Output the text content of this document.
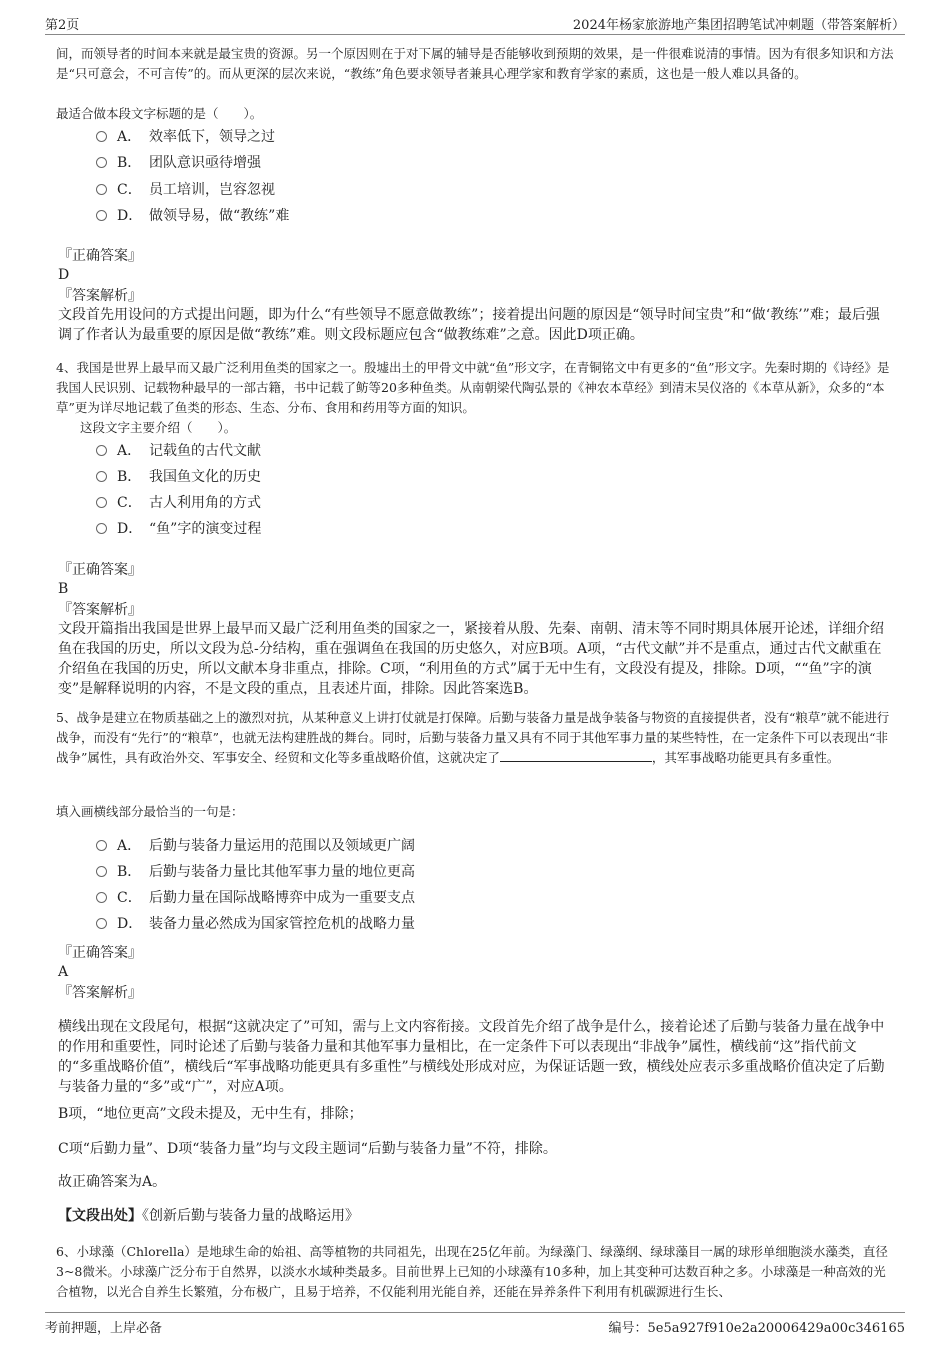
第2页	2024年杨家旅游地产集团招聘笔试冲刺题（带答案解析）

间，而领导者的时间本来就是最宝贵的资源。另一个原因则在于对下属的辅导是否能够收到预期的效果，是一件很难说清的事情。因为有很多知识和方法是“只可意会，不可言传”的。而从更深的层次来说，“教练”角色要求领导者兼具心理学家和教育学家的素质，这也是一般人难以具备的。

最适合做本段文字标题的是（　　）。

A． 效率低下，领导之过
B． 团队意识亟待增强
C． 员工培训，岂容忽视
D． 做领导易，做“教练”难
『正确答案』
D
『答案解析』

文段首先用设问的方式提出问题，即为什么“有些领导不愿意做教练”；接着提出问题的原因是“领导时间宝贵”和“做‘教练’”难；最后强调了作者认为最重要的原因是做“教练”难。则文段标题应包含“做教练难”之意。因此D项正确。

4、我国是世界上最早而又最广泛利用鱼类的国家之一。殷墟出土的甲骨文中就“鱼”形文字，在青铜铭文中有更多的“鱼”形文字。先秦时期的《诗经》是我国人民识别、记载物种最早的一部古籍，书中记载了鲂等20多种鱼类。从南朝梁代陶弘景的《神农本草经》到清末吴仪洛的《本草从新》，众多的“本草”更为详尽地记载了鱼类的形态、生态、分布、食用和药用等方面的知识。

这段文字主要介绍（　　）。

A． 记载鱼的古代文献
B． 我国鱼文化的历史
C． 古人利用角的方式
D． “鱼”字的演变过程
『正确答案』
B
『答案解析』

文段开篇指出我国是世界上最早而又最广泛利用鱼类的国家之一，紧接着从殷、先秦、南朝、清末等不同时期具体展开论述，详细介绍鱼在我国的历史，所以文段为总-分结构，重在强调鱼在我国的历史悠久，对应B项。A项，“古代文献”并不是重点，通过古代文献重在介绍鱼在我国的历史，所以文献本身非重点，排除。C项，“利用鱼的方式”属于无中生有，文段没有提及，排除。D项，““鱼”字的演变”是解释说明的内容，不是文段的重点，且表述片面，排除。因此答案选B。

5、战争是建立在物质基础之上的激烈对抗，从某种意义上讲打仗就是打保障。后勤与装备力量是战争装备与物资的直接提供者，没有“粮草”就不能进行战争，而没有“先行”的“粮草”，也就无法构建胜战的舞台。同时，后勤与装备力量又具有不同于其他军事力量的某些特性，在一定条件下可以表现出“非战争”属性，具有政治外交、军事安全、经贸和文化等多重战略价值，这就决定了	，其军事战略功能更具有多重性。

填入画横线部分最恰当的一句是：

A． 后勤与装备力量运用的范围以及领域更广阔
B． 后勤与装备力量比其他军事力量的地位更高
C． 后勤力量在国际战略博弈中成为一重要支点
D． 装备力量必然成为国家管控危机的战略力量
『正确答案』
A
『答案解析』

横线出现在文段尾句，根据“这就决定了”可知，需与上文内容衔接。文段首先介绍了战争是什么，接着论述了后勤与装备力量在战争中的作用和重要性，同时论述了后勤与装备力量和其他军事力量相比，在一定条件下可以表现出“非战争”属性，横线前“这”指代前文的“多重战略价值”，横线后“军事战略功能更具有多重性”与横线处形成对应，为保证话题一致，横线处应表示多重战略价值决定了后勤与装备力量的“多”或“广”，对应A项。

B项，“地位更高”文段未提及，无中生有，排除；

C项“后勤力量”、D项“装备力量”均与文段主题词“后勤与装备力量”不符，排除。

故正确答案为A。

【文段出处】《创新后勤与装备力量的战略运用》

6、小球藻（Chlorella）是地球生命的始祖、高等植物的共同祖先，出现在25亿年前。为绿藻门、绿藻纲、绿球藻目一属的球形单细胞淡水藻类，直径3~8微米。小球藻广泛分布于自然界，以淡水水域种类最多。目前世界上已知的小球藻有10多种，加上其变种可达数百种之多。小球藻是一种高效的光合植物，以光合自养生长繁殖，分布极广，且易于培养，不仅能利用光能自养，还能在异养条件下利用有机碳源进行生长、

考前押题，上岸必备	编号：5e5a927f910e2a20006429a00c346165
